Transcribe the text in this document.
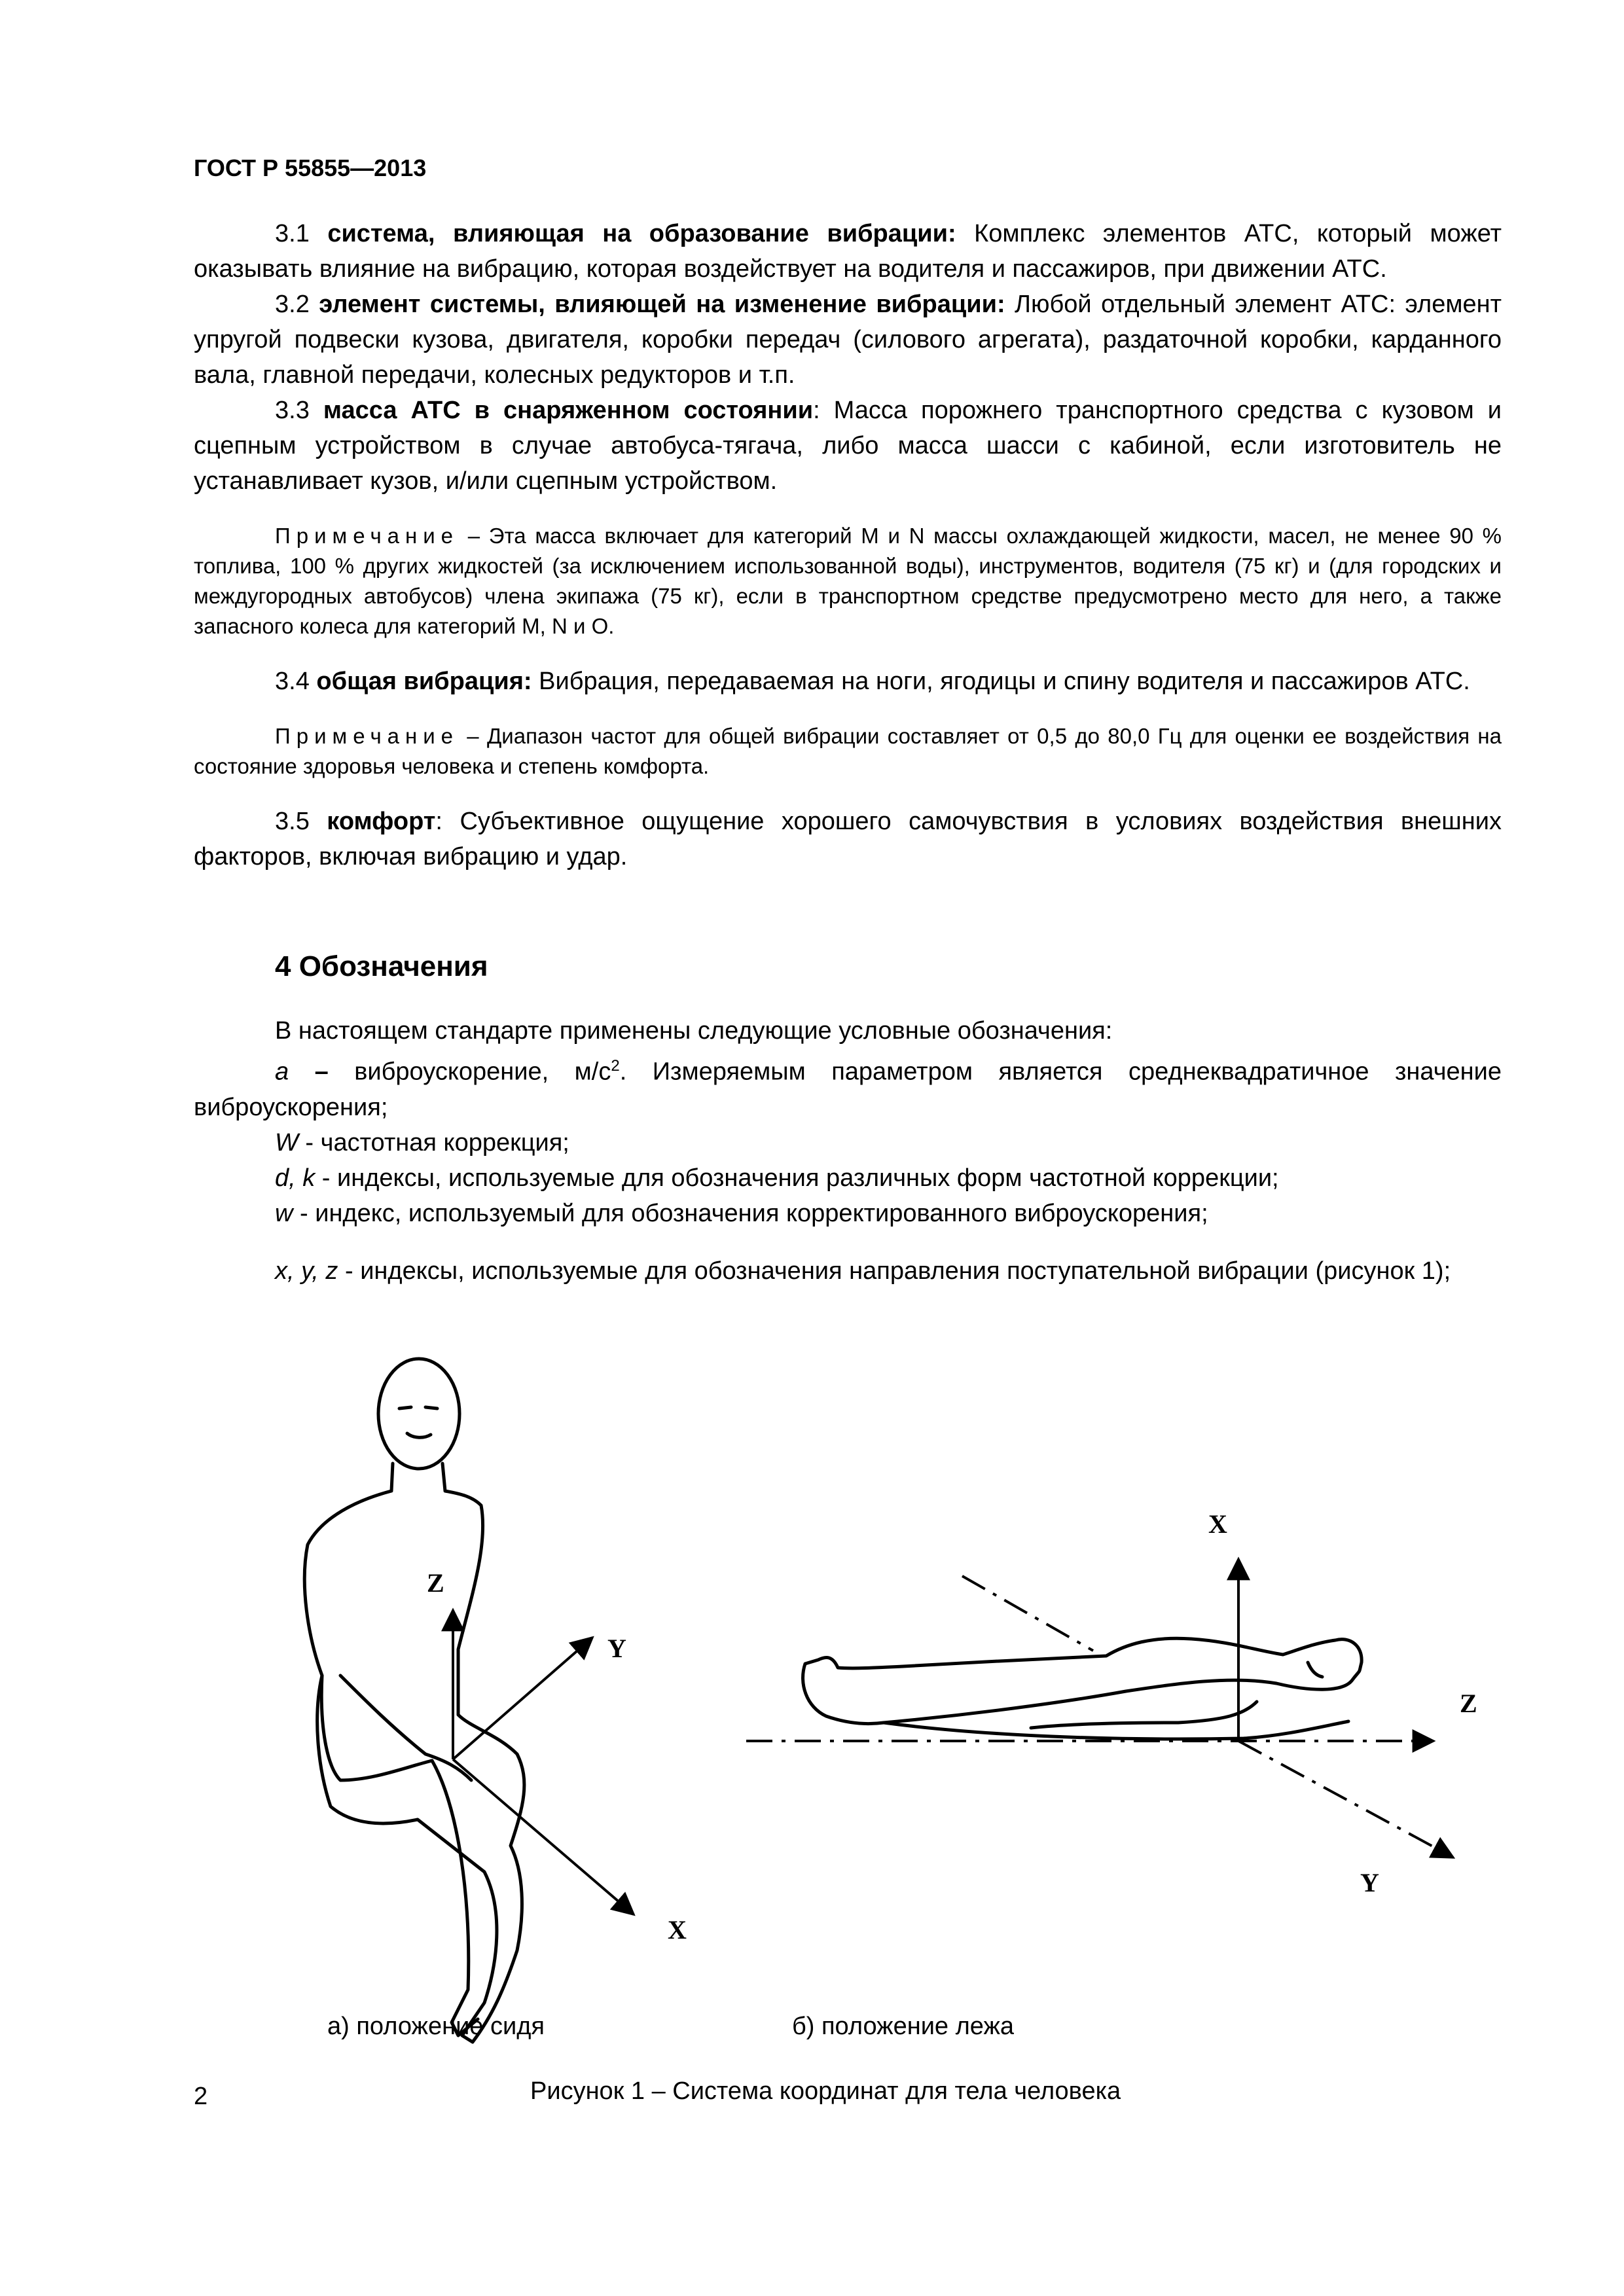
ГОСТ Р 55855—2013

3.1 система, влияющая на образование вибрации: Комплекс элементов АТС, который может оказывать влияние на вибрацию, которая воздействует на водителя и пассажиров, при движении АТС.

3.2 элемент системы, влияющей на изменение вибрации: Любой отдельный элемент АТС: элемент упругой подвески кузова, двигателя, коробки передач (силового агрегата), раздаточной коробки, карданного вала, главной передачи, колесных редукторов и т.п.

3.3 масса АТС в снаряженном состоянии: Масса порожнего транспортного средства с кузовом и сцепным устройством в случае автобуса-тягача, либо масса шасси с кабиной, если изготовитель не устанавливает кузов, и/или сцепным устройством.

Примечание – Эта масса включает для категорий M и N массы охлаждающей жидкости, масел, не менее 90 % топлива, 100 % других жидкостей (за исключением использованной воды), инструментов, водителя (75 кг) и (для городских и междугородных автобусов) члена экипажа (75 кг), если в транспортном средстве предусмотрено место для него, а также запасного колеса для категорий M, N и O.

3.4 общая вибрация: Вибрация, передаваемая на ноги, ягодицы и спину водителя и пассажиров АТС.

Примечание – Диапазон частот для общей вибрации составляет от 0,5 до 80,0 Гц для оценки ее воздействия на состояние здоровья человека и степень комфорта.

3.5 комфорт: Субъективное ощущение хорошего самочувствия в условиях воздействия внешних факторов, включая вибрацию и удар.

4 Обозначения

В настоящем стандарте применены следующие условные обозначения:

a – виброускорение, $м/с^2$. Измеряемым параметром является среднеквадратичное значение виброускорения;

W - частотная коррекция;

d, k - индексы, используемые для обозначения различных форм частотной коррекции;

w - индекс, используемый для обозначения корректированного виброускорения;

x, y, z - индексы, используемые для обозначения направления поступательной вибрации (рисунок 1);

Z
Y
X
X
Z
Y
а) положение сидя	б) положение лежа
Рисунок 1 – Система координат для тела человека
2
